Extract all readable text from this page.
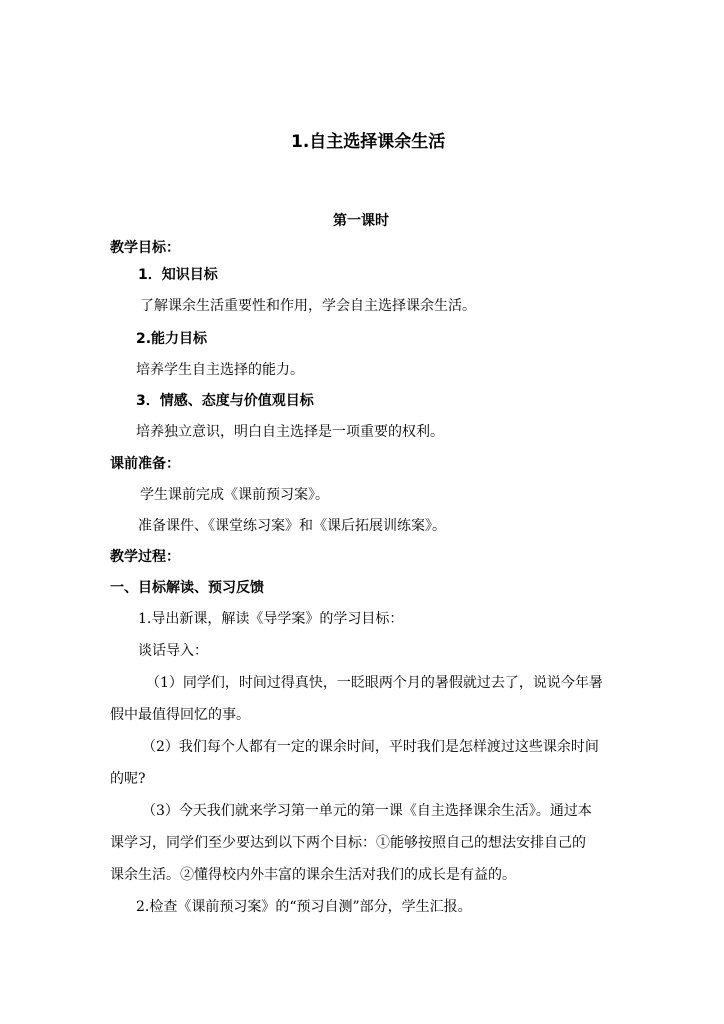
1.自主选择课余生活
第一课时
教学目标：
1．知识目标
了解课余生活重要性和作用，学会自主选择课余生活。
2.能力目标
培养学生自主选择的能力。
3．情感、态度与价值观目标
培养独立意识，明白自主选择是一项重要的权利。
课前准备：
学生课前完成《课前预习案》。
准备课件、《课堂练习案》和《课后拓展训练案》。
教学过程：
一、目标解读、预习反馈
1.导出新课，解读《导学案》的学习目标：
谈话导入：
（1）同学们，时间过得真快，一眨眼两个月的暑假就过去了，说说今年暑
假中最值得回忆的事。
（2）我们每个人都有一定的课余时间，平时我们是怎样渡过这些课余时间
的呢?
（3）今天我们就来学习第一单元的第一课《自主选择课余生活》。通过本
课学习，同学们至少要达到以下两个目标：①能够按照自己的想法安排自己的
课余生活。②懂得校内外丰富的课余生活对我们的成长是有益的。
2.检查《课前预习案》的“预习自测”部分，学生汇报。
